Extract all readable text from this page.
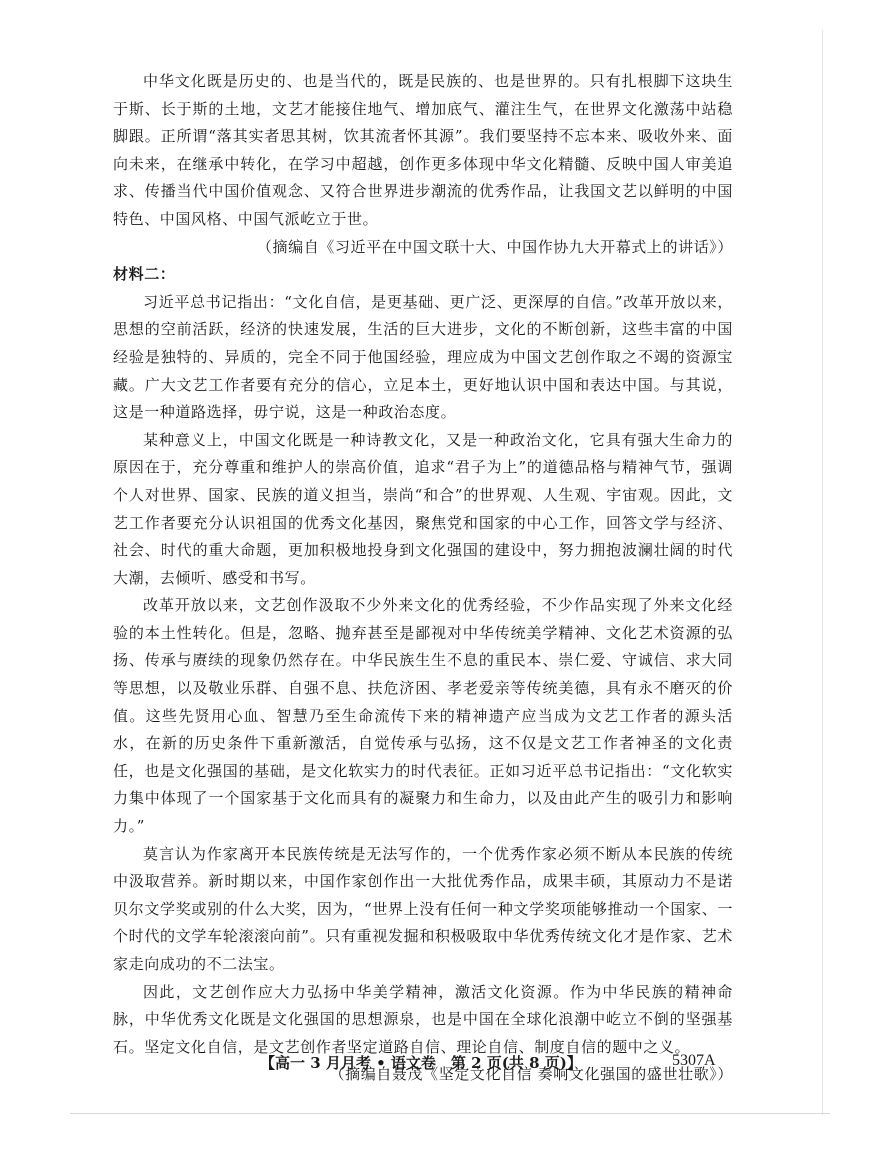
中华文化既是历史的、也是当代的，既是民族的、也是世界的。只有扎根脚下这块生于斯、长于斯的土地，文艺才能接住地气、增加底气、灌注生气，在世界文化激荡中站稳脚跟。正所谓“落其实者思其树，饮其流者怀其源”。我们要坚持不忘本来、吸收外来、面向未来，在继承中转化，在学习中超越，创作更多体现中华文化精髓、反映中国人审美追求、传播当代中国价值观念、又符合世界进步潮流的优秀作品，让我国文艺以鲜明的中国特色、中国风格、中国气派屹立于世。

（摘编自《习近平在中国文联十大、中国作协九大开幕式上的讲话》）

材料二：

习近平总书记指出：“文化自信，是更基础、更广泛、更深厚的自信。”改革开放以来，思想的空前活跃，经济的快速发展，生活的巨大进步，文化的不断创新，这些丰富的中国经验是独特的、异质的，完全不同于他国经验，理应成为中国文艺创作取之不竭的资源宝藏。广大文艺工作者要有充分的信心，立足本土，更好地认识中国和表达中国。与其说，这是一种道路选择，毋宁说，这是一种政治态度。

某种意义上，中国文化既是一种诗教文化，又是一种政治文化，它具有强大生命力的原因在于，充分尊重和维护人的崇高价值，追求“君子为上”的道德品格与精神气节，强调个人对世界、国家、民族的道义担当，崇尚“和合”的世界观、人生观、宇宙观。因此，文艺工作者要充分认识祖国的优秀文化基因，聚焦党和国家的中心工作，回答文学与经济、社会、时代的重大命题，更加积极地投身到文化强国的建设中，努力拥抱波澜壮阔的时代大潮，去倾听、感受和书写。

改革开放以来，文艺创作汲取不少外来文化的优秀经验，不少作品实现了外来文化经验的本土性转化。但是，忽略、抛弃甚至是鄙视对中华传统美学精神、文化艺术资源的弘扬、传承与赓续的现象仍然存在。中华民族生生不息的重民本、崇仁爱、守诚信、求大同等思想，以及敬业乐群、自强不息、扶危济困、孝老爱亲等传统美德，具有永不磨灭的价值。这些先贤用心血、智慧乃至生命流传下来的精神遗产应当成为文艺工作者的源头活水，在新的历史条件下重新激活，自觉传承与弘扬，这不仅是文艺工作者神圣的文化责任，也是文化强国的基础，是文化软实力的时代表征。正如习近平总书记指出：“文化软实力集中体现了一个国家基于文化而具有的凝聚力和生命力，以及由此产生的吸引力和影响力。”

莫言认为作家离开本民族传统是无法写作的，一个优秀作家必须不断从本民族的传统中汲取营养。新时期以来，中国作家创作出一大批优秀作品，成果丰硕，其原动力不是诺贝尔文学奖或别的什么大奖，因为，“世界上没有任何一种文学奖项能够推动一个国家、一个时代的文学车轮滚滚向前”。只有重视发掘和积极吸取中华优秀传统文化才是作家、艺术家走向成功的不二法宝。

因此，文艺创作应大力弘扬中华美学精神，激活文化资源。作为中华民族的精神命脉，中华优秀文化既是文化强国的思想源泉，也是中国在全球化浪潮中屹立不倒的坚强基石。坚定文化自信，是文艺创作者坚定道路自信、理论自信、制度自信的题中之义。

（摘编自聂茂《坚定文化自信 奏响文化强国的盛世壮歌》）

【高一 3 月月考 • 语文卷　第 2 页(共 8 页)】	5307A
